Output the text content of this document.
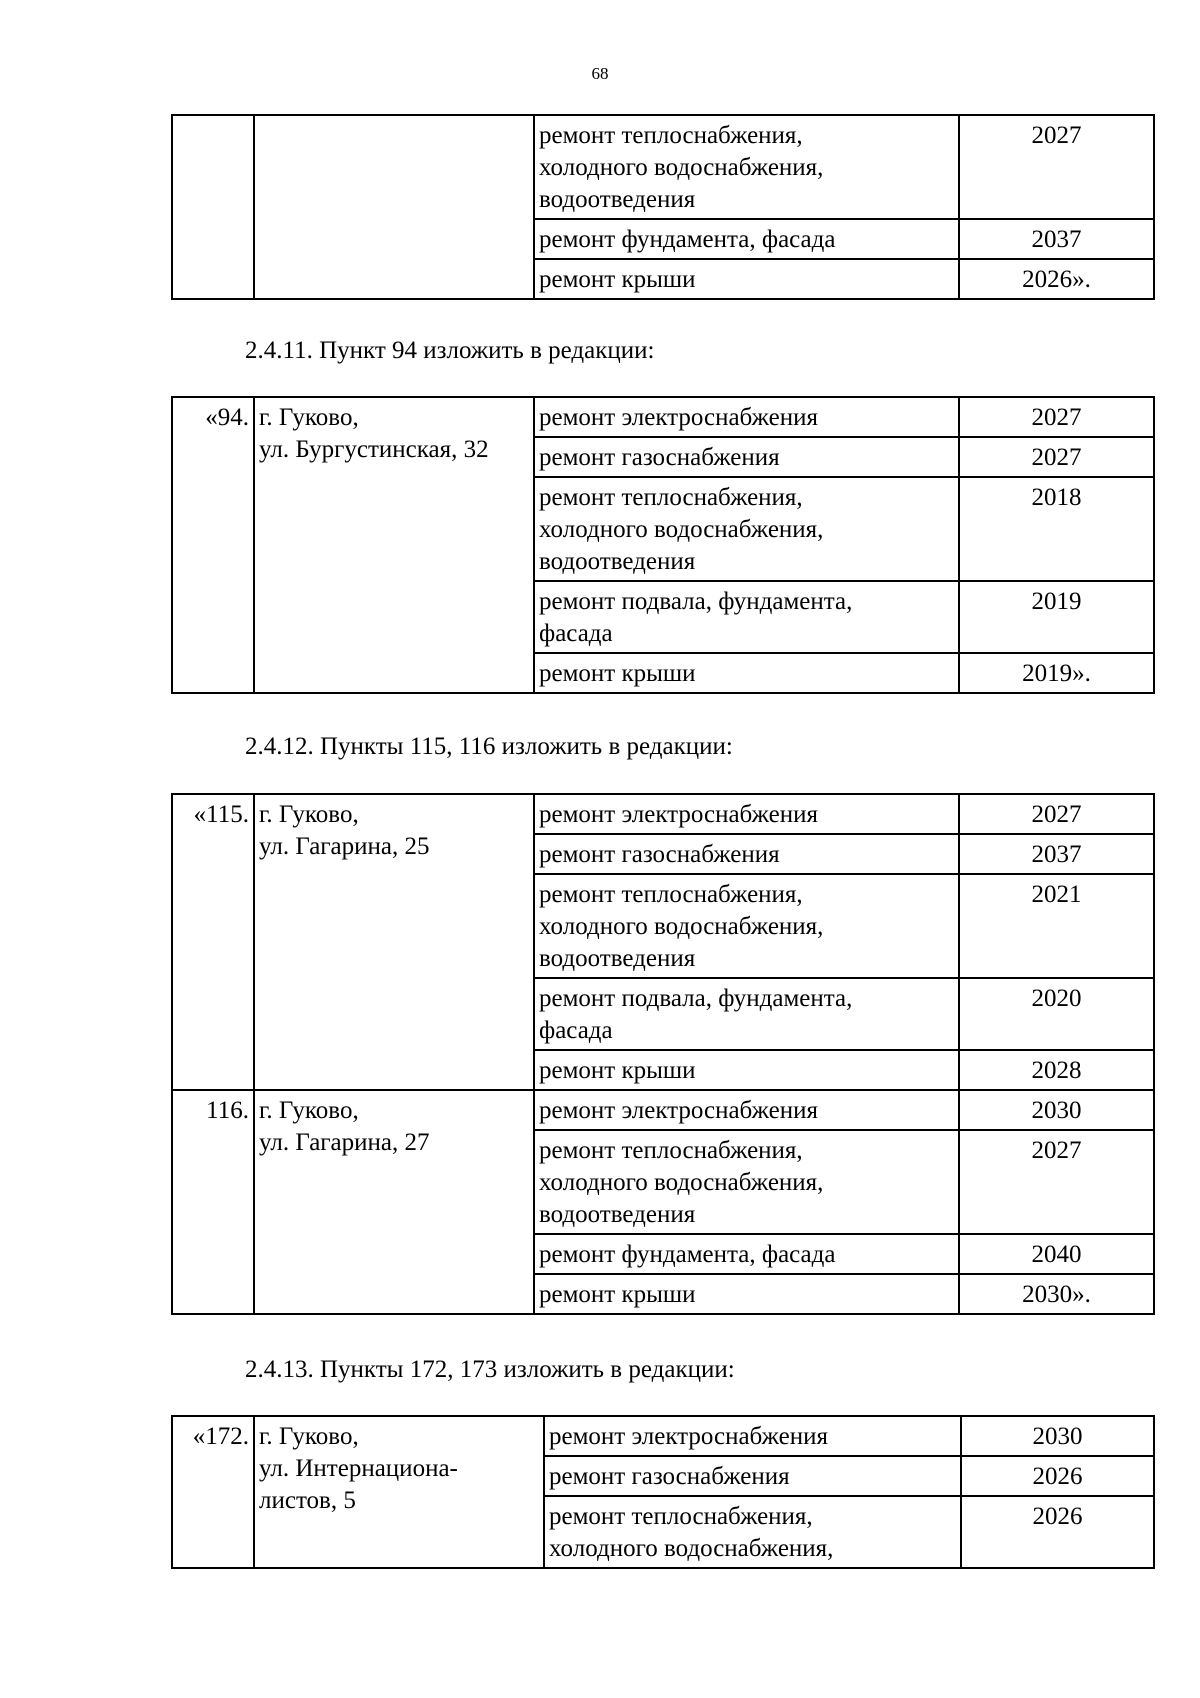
68

		ремонт теплоснабжения,
холодного водоснабжения,
водоотведения	2027

		ремонт фундамента, фасада	2037

		ремонт крыши	2026».
2.4.11. Пункт 94 изложить в редакции:
«94.	г. Гуково,
ул. Бургустинская, 32	ремонт электроснабжения	2027

		ремонт газоснабжения	2027

		ремонт теплоснабжения,
холодного водоснабжения,
водоотведения	2018

		ремонт подвала, фундамента,
фасада	2019

		ремонт крыши	2019».
2.4.12. Пункты 115, 116 изложить в редакции:
«115.	г. Гуково,
ул. Гагарина, 25	ремонт электроснабжения	2027

		ремонт газоснабжения	2037

		ремонт теплоснабжения,
холодного водоснабжения,
водоотведения	2021

		ремонт подвала, фундамента,
фасада	2020

		ремонт крыши	2028
116.	г. Гуково,
ул. Гагарина, 27	ремонт электроснабжения	2030

		ремонт теплоснабжения,
холодного водоснабжения,
водоотведения	2027

		ремонт фундамента, фасада	2040

		ремонт крыши	2030».
2.4.13. Пункты 172, 173 изложить в редакции:
«172.	г. Гуково,
ул. Интернациона-
листов, 5	ремонт электроснабжения	2030

		ремонт газоснабжения	2026

		ремонт теплоснабжения,
холодного водоснабжения,	2026
